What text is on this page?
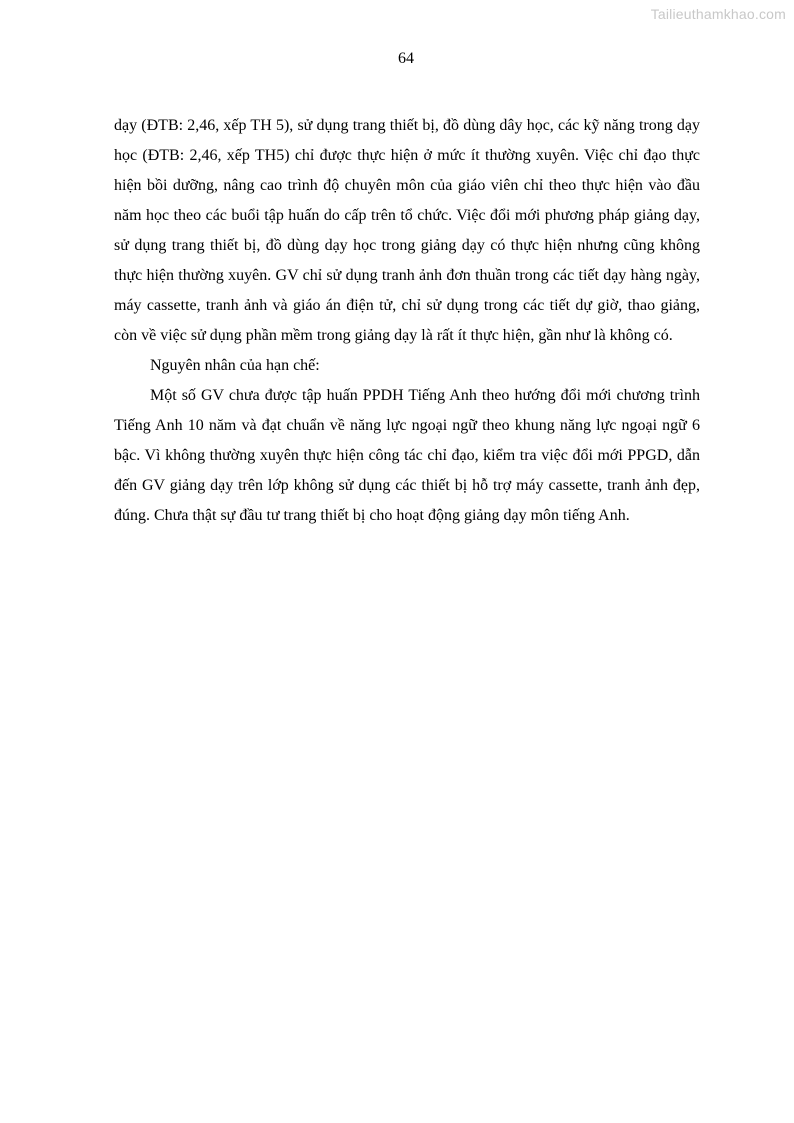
Tailieuthamkhao.com
64

dạy (ĐTB: 2,46, xếp TH 5), sử dụng trang thiết bị, đồ dùng dây học, các kỹ năng trong dạy học (ĐTB: 2,46, xếp TH5) chỉ được thực hiện ở mức ít thường xuyên. Việc chỉ đạo thực hiện bồi dưỡng, nâng cao trình độ chuyên môn của giáo viên chỉ theo thực hiện vào đầu năm học theo các buổi tập huấn do cấp trên tổ chức. Việc đổi mới phương pháp giảng dạy, sử dụng trang thiết bị, đồ dùng dạy học trong giảng dạy có thực hiện nhưng cũng không thực hiện thường xuyên. GV chỉ sử dụng tranh ảnh đơn thuần trong các tiết dạy hàng ngày, máy cassette, tranh ảnh và giáo án điện tử, chỉ sử dụng trong các tiết dự giờ, thao giảng, còn về việc sử dụng phần mềm trong giảng dạy là rất ít thực hiện, gần như là không có.

Nguyên nhân của hạn chế:

Một số GV chưa được tập huấn PPDH Tiếng Anh theo hướng đổi mới chương trình Tiếng Anh 10 năm và đạt chuẩn về năng lực ngoại ngữ theo khung năng lực ngoại ngữ 6 bậc. Vì không thường xuyên thực hiện công tác chỉ đạo, kiểm tra việc đổi mới PPGD, dẫn đến GV giảng dạy trên lớp không sử dụng các thiết bị hỗ trợ máy cassette, tranh ảnh đẹp, đúng. Chưa thật sự đầu tư trang thiết bị cho hoạt động giảng dạy môn tiếng Anh.
